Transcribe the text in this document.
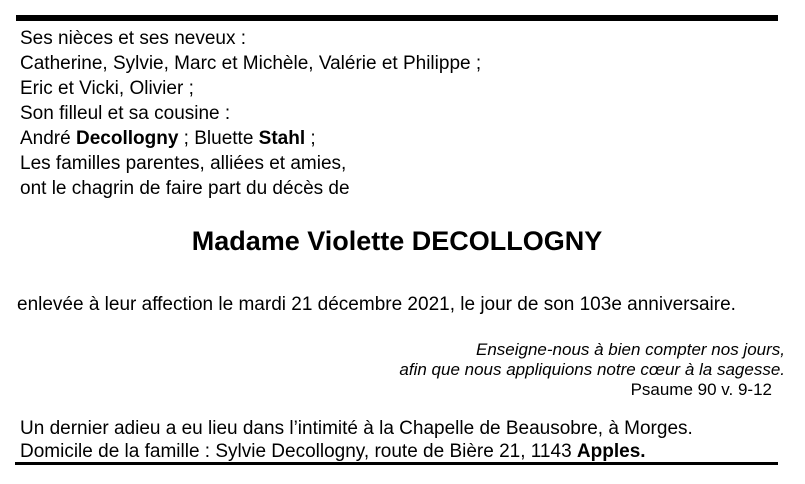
Ses nièces et ses neveux :

Catherine, Sylvie, Marc et Michèle, Valérie et Philippe ;

Eric et Vicki, Olivier ;

Son filleul et sa cousine :

André Decollogny ; Bluette Stahl ;

Les familles parentes, alliées et amies,

ont le chagrin de faire part du décès de

Madame Violette DECOLLOGNY

enlevée à leur affection le mardi 21 décembre 2021, le jour de son 103e anniversaire.

Enseigne-nous à bien compter nos jours,

afin que nous appliquions notre cœur à la sagesse.

Psaume 90 v. 9-12

Un dernier adieu a eu lieu dans l’intimité à la Chapelle de Beausobre, à Morges.

Domicile de la famille : Sylvie Decollogny, route de Bière 21, 1143 Apples.
